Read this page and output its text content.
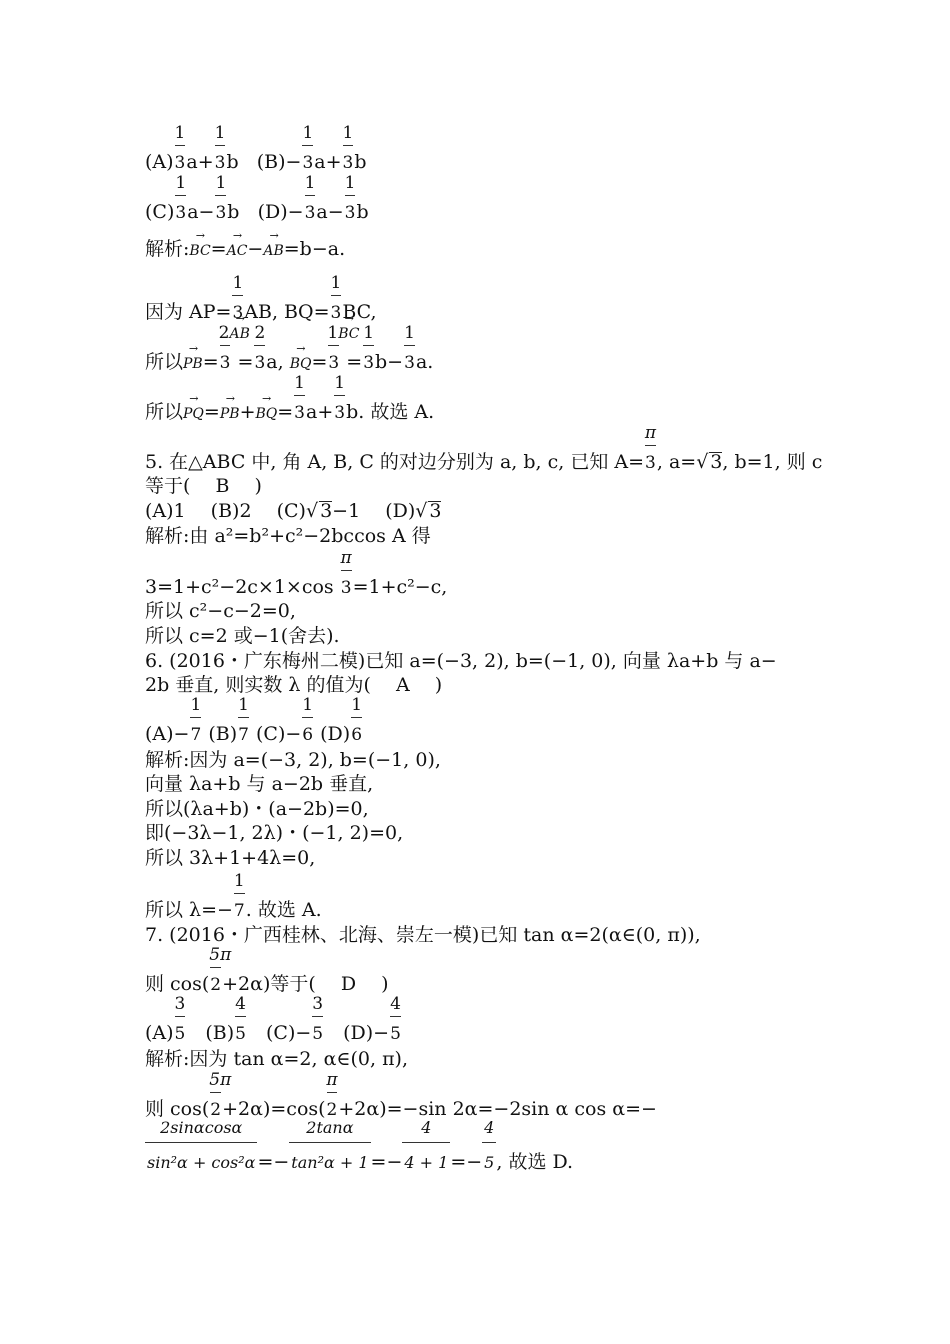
$(A) \frac{1}{3}a+ \frac{1}{3}b$ $(B)- \frac{1}{3}a+ \frac{1}{3}b$
$(C) \frac{1}{3}a- \frac{1}{3}b$ $(D)- \frac{1}{3}a- \frac{1}{3}b$
解析:→ BC=→ AC−→ AB=b−a.
因为 $AP= \frac{1}{3}AB$, $BQ= \frac{1}{3}BC$,
所以→ $PB= \frac{2\to AB}{3} = \frac{2}{3}a$, → $BQ= \frac{1\to BC}{3} = \frac{1}{3}b- \frac{1}{3}a$.
所以→ $PQ=\to PB+\to BQ= \frac{1}{3}a+ \frac{1}{3}b$. 故选 A.
5. 在△ABC 中, 角 A, B, C 的对边分别为 a, b, c, 已知 $A= \frac{\pi}{3}$, a=√ 3, b=1, 则 c
等于(　 B 　)
(A)1　 (B)2　 (C)√ 3−1　 (D)√ 3
解析:由 a²=b²+c²−2bccos A 得
$3=1+c^2-2c\times 1\times\cos \frac{\pi}{3}=1+c^2-c$,
所以 c²−c−2=0,
所以 c=2 或−1(舍去).
6. (2016・广东梅州二模)已知 a=(−3, 2), b=(−1, 0), 向量 λa+b 与 a−
2b 垂直, 则实数 λ 的值为(　 A 　)
$(A)- \frac{1}{7} (B) \frac{1}{7} (C)- \frac{1}{6} (D) \frac{1}{6}$
解析:因为 a=(−3, 2), b=(−1, 0),
向量 λa+b 与 a−2b 垂直,
所以(λa+b)・(a−2b)=0,
即(−3λ−1, 2λ)・(−1, 2)=0,
所以 3λ+1+4λ=0,
所以 $\lambda=- \frac{1}{7}$. 故选 A.
7. (2016・广西桂林、北海、崇左一模)已知 tan α=2(α∈(0, π)),
则 $\cos( \frac{5\pi}{2}+2\alpha)$等于(　 D 　)
$(A) \frac{3}{5}$　$(B) \frac{4}{5}$　$(C)- \frac{3}{5}$　$(D)- \frac{4}{5}$
解析:因为 tan α=2, α∈(0, π),
则 $\cos( \frac{5\pi}{2}+2\alpha)=\cos( \frac{\pi}{2}+2\alpha)=-\sin$ 2α=−2sin α cos α=−
$\frac{2\sin\alpha\cos\alpha}{\text{sin²α + cos²α}}=- \frac{2\tan\alpha}{\text{tan²α + 1}}=- \frac{4}{4 + 1}=- \frac{4}{5}$, 故选 D.
